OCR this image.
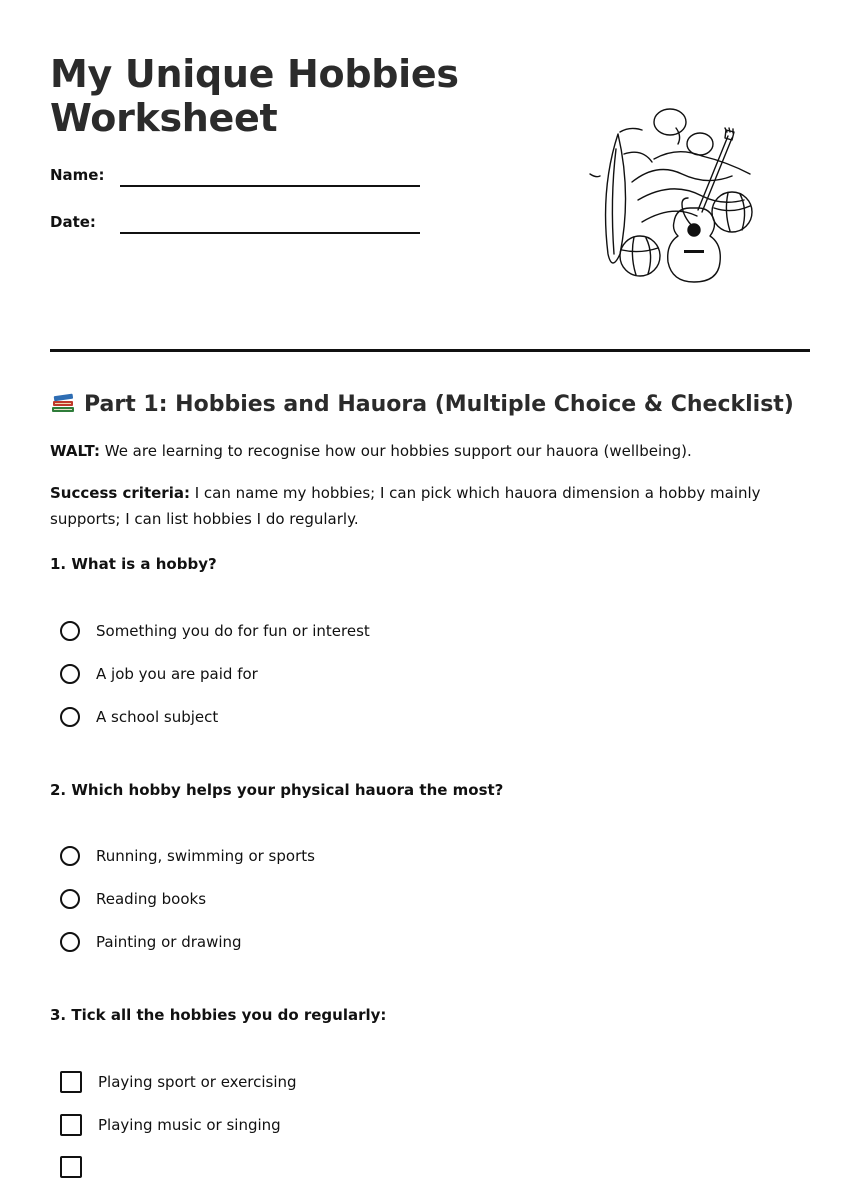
My Unique Hobbies
Worksheet
Name:
Date:
Part 1: Hobbies and Hauora (Multiple Choice & Checklist)

WALT: We are learning to recognise how our hobbies support our hauora (wellbeing).

Success criteria: I can name my hobbies; I can pick which hauora dimension a hobby mainly supports; I can list hobbies I do regularly.

1. What is a hobby?

Something you do for fun or interest
A job you are paid for
A school subject

2. Which hobby helps your physical hauora the most?

Running, swimming or sports
Reading books
Painting or drawing

3. Tick all the hobbies you do regularly:

Playing sport or exercising
Playing music or singing
